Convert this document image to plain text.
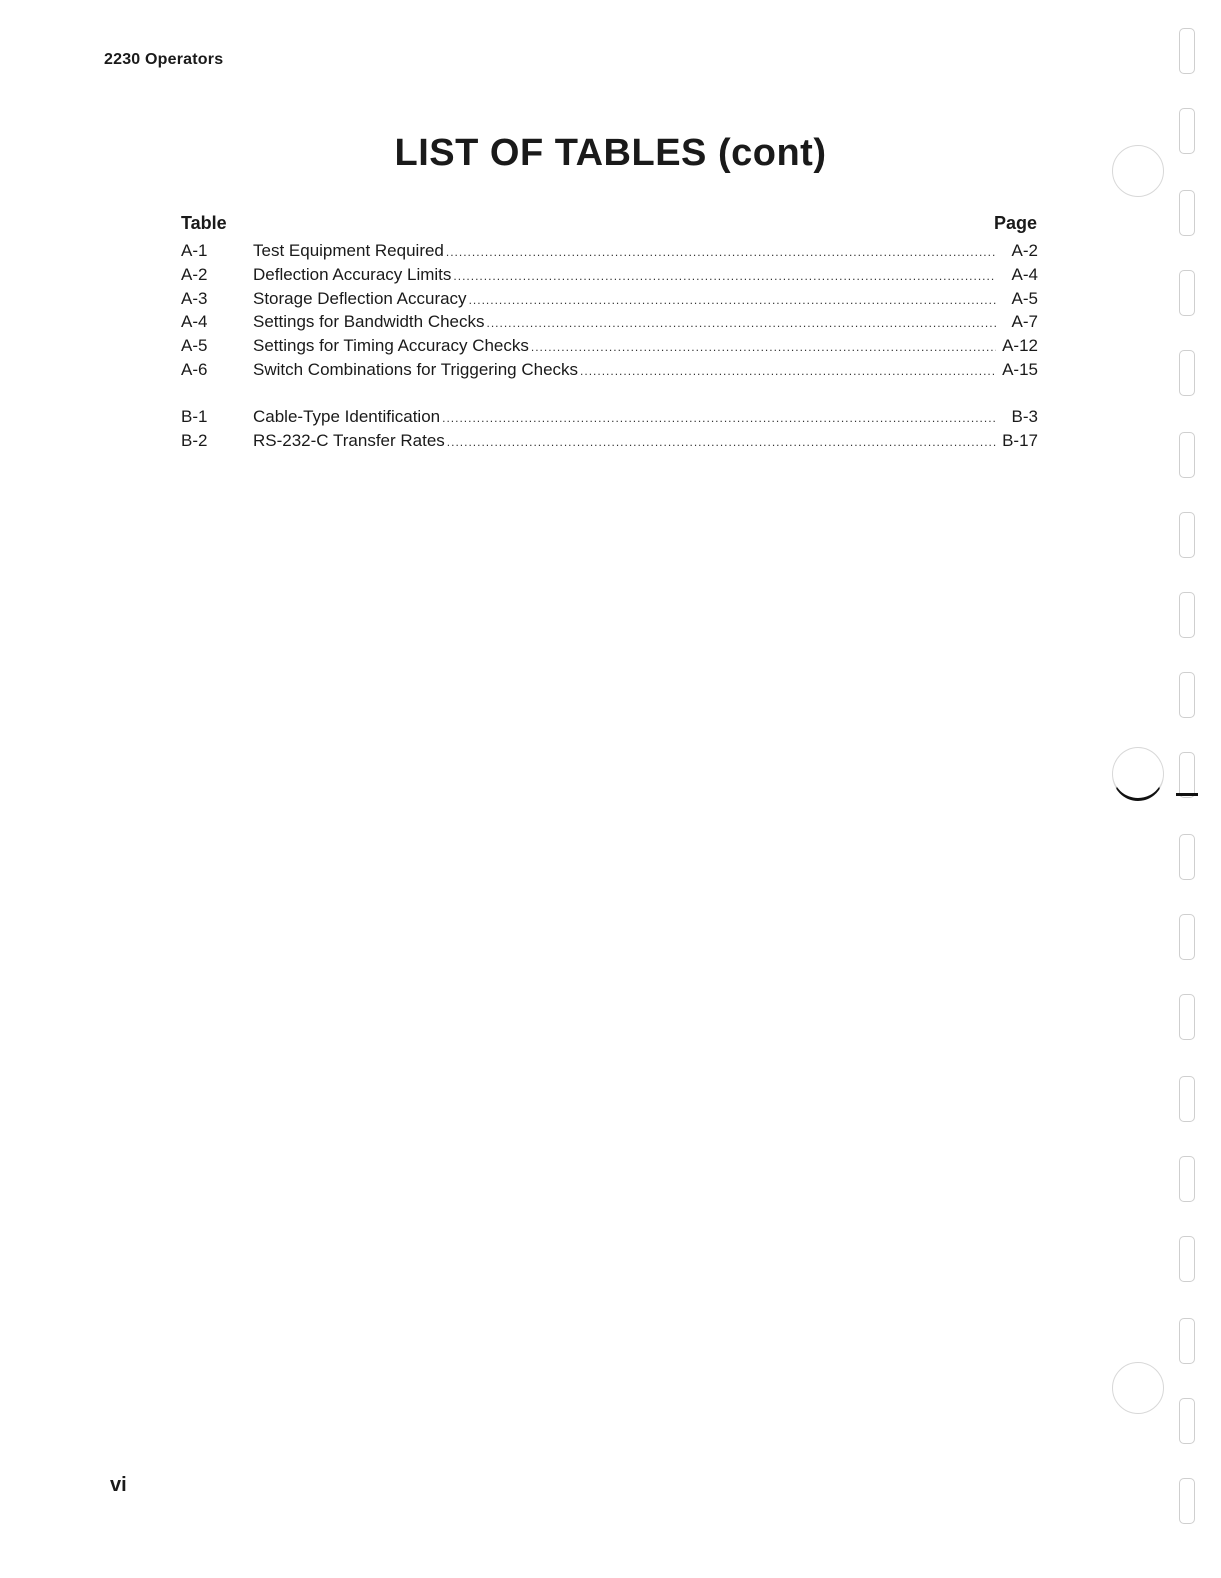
2230 Operators
LIST OF TABLES (cont)
Table	Page
A-1	Test Equipment Required .....	A-2
A-2	Deflection Accuracy Limits .....	A-4
A-3	Storage Deflection Accuracy .....	A-5
A-4	Settings for Bandwidth Checks .....	A-7
A-5	Settings for Timing Accuracy Checks .....	A-12
A-6	Switch Combinations for Triggering Checks .....	A-15
B-1	Cable-Type Identification .....	B-3
B-2	RS-232-C Transfer Rates .....	B-17
vi
